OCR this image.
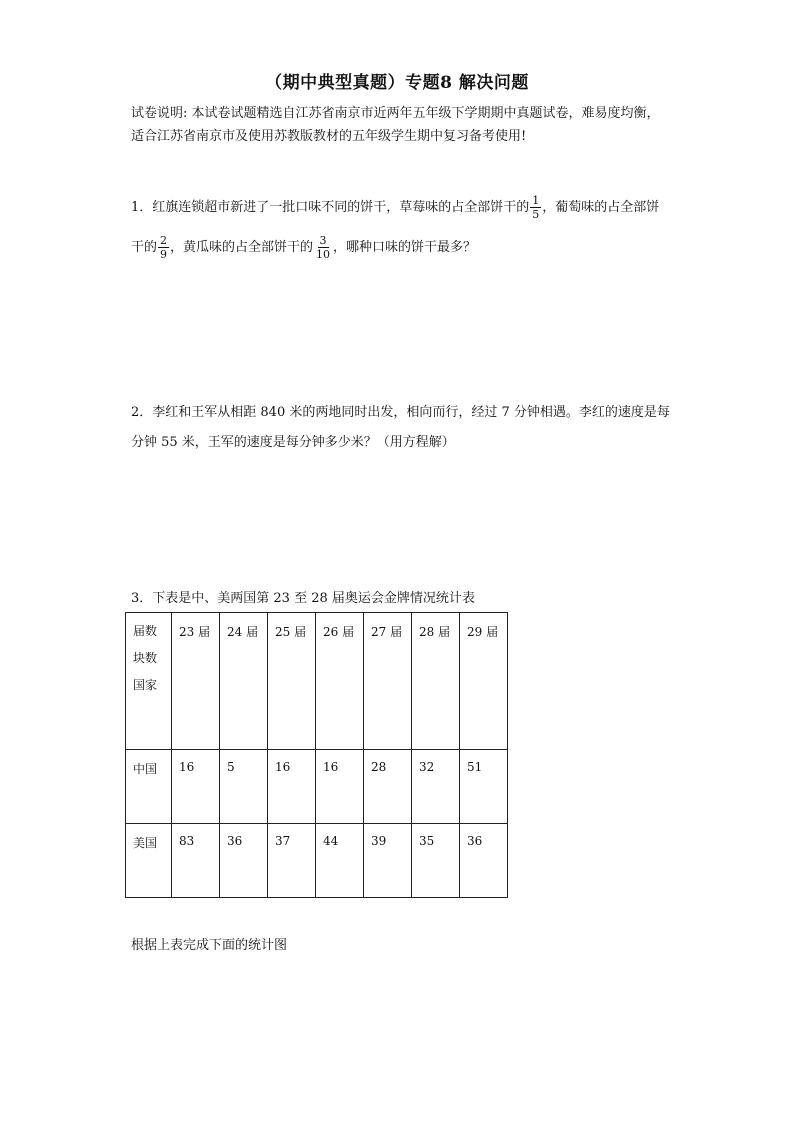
（期中典型真题）专题8 解决问题
试卷说明: 本试卷试题精选自江苏省南京市近两年五年级下学期期中真题试卷，难易度均衡，适合江苏省南京市及使用苏教版教材的五年级学生期中复习备考使用!
1．红旗连锁超市新进了一批口味不同的饼干，草莓味的占全部饼干的 $\frac{1}{5}$ ，葡萄味的占全部饼干的 $\frac{2}{9}$ ，黄瓜味的占全部饼干的 $\frac{3}{10}$ ，哪种口味的饼干最多？
2．李红和王军从相距 840 米的两地同时出发，相向而行，经过 7 分钟相遇。李红的速度是每分钟 55 米，王军的速度是每分钟多少米？（用方程解）
3．下表是中、美两国第 23 至 28 届奥运会金牌情况统计表
届数
块数
国家	23 届	24 届	25 届	26 届	27 届	28 届	29 届
中国	16	5	16	16	28	32	51
美国	83	36	37	44	39	35	36
根据上表完成下面的统计图
